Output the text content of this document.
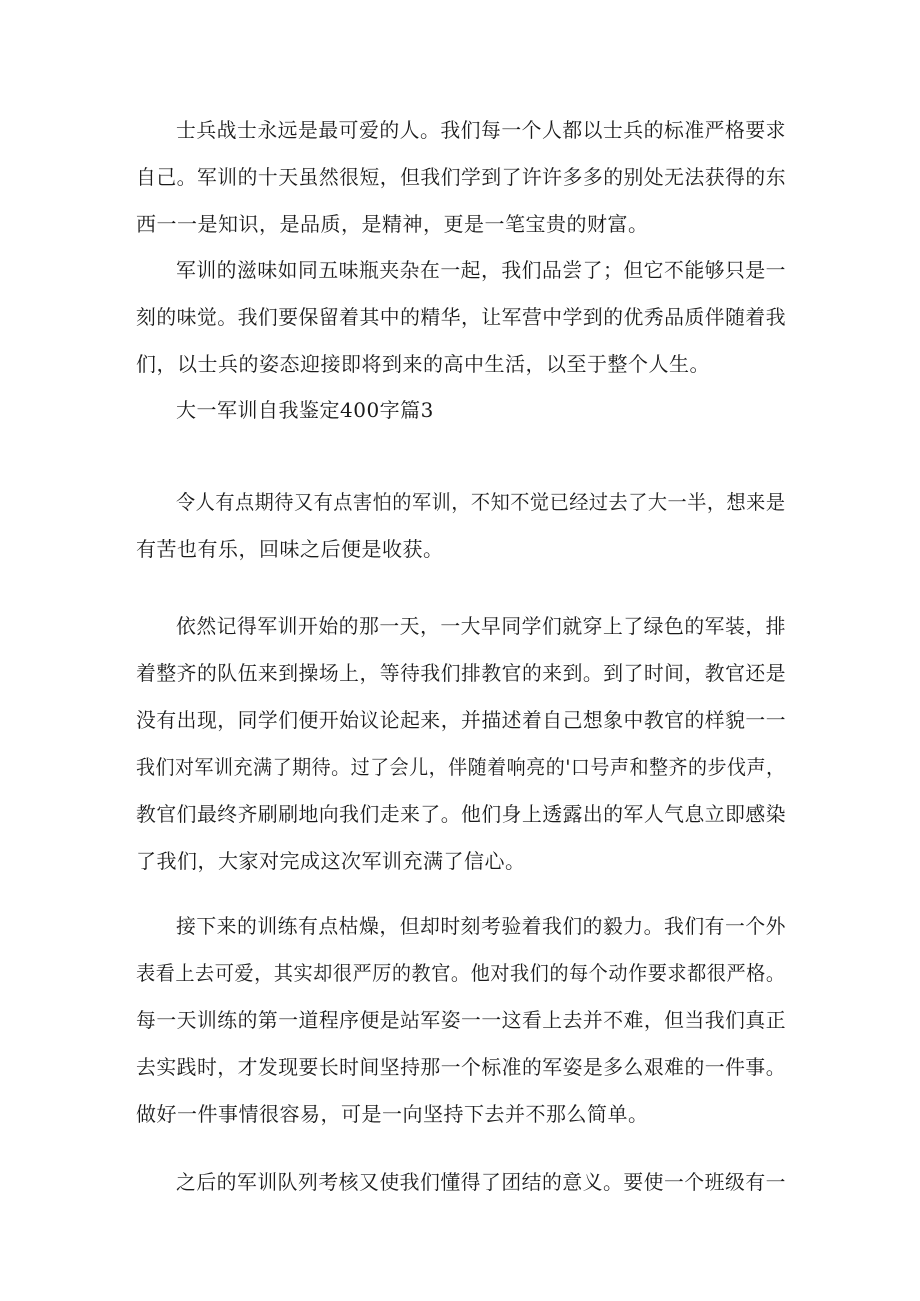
士兵战士永远是最可爱的人。我们每一个人都以士兵的标准严格要求
自己。军训的十天虽然很短，但我们学到了许许多多的别处无法获得的东
西一一是知识，是品质，是精神，更是一笔宝贵的财富。
军训的滋味如同五味瓶夹杂在一起，我们品尝了；但它不能够只是一
刻的味觉。我们要保留着其中的精华，让军营中学到的优秀品质伴随着我
们，以士兵的姿态迎接即将到来的高中生活，以至于整个人生。
大一军训自我鉴定400字篇3
令人有点期待又有点害怕的军训，不知不觉已经过去了大一半，想来是
有苦也有乐，回味之后便是收获。
依然记得军训开始的那一天，一大早同学们就穿上了绿色的军装，排
着整齐的队伍来到操场上，等待我们排教官的来到。到了时间，教官还是
没有出现，同学们便开始议论起来，并描述着自己想象中教官的样貌一一
我们对军训充满了期待。过了会儿，伴随着响亮的'口号声和整齐的步伐声，
教官们最终齐刷刷地向我们走来了。他们身上透露出的军人气息立即感染
了我们，大家对完成这次军训充满了信心。
接下来的训练有点枯燥，但却时刻考验着我们的毅力。我们有一个外
表看上去可爱，其实却很严厉的教官。他对我们的每个动作要求都很严格。
每一天训练的第一道程序便是站军姿一一这看上去并不难，但当我们真正
去实践时，才发现要长时间坚持那一个标准的军姿是多么艰难的一件事。
做好一件事情很容易，可是一向坚持下去并不那么简单。
之后的军训队列考核又使我们懂得了团结的意义。要使一个班级有一
